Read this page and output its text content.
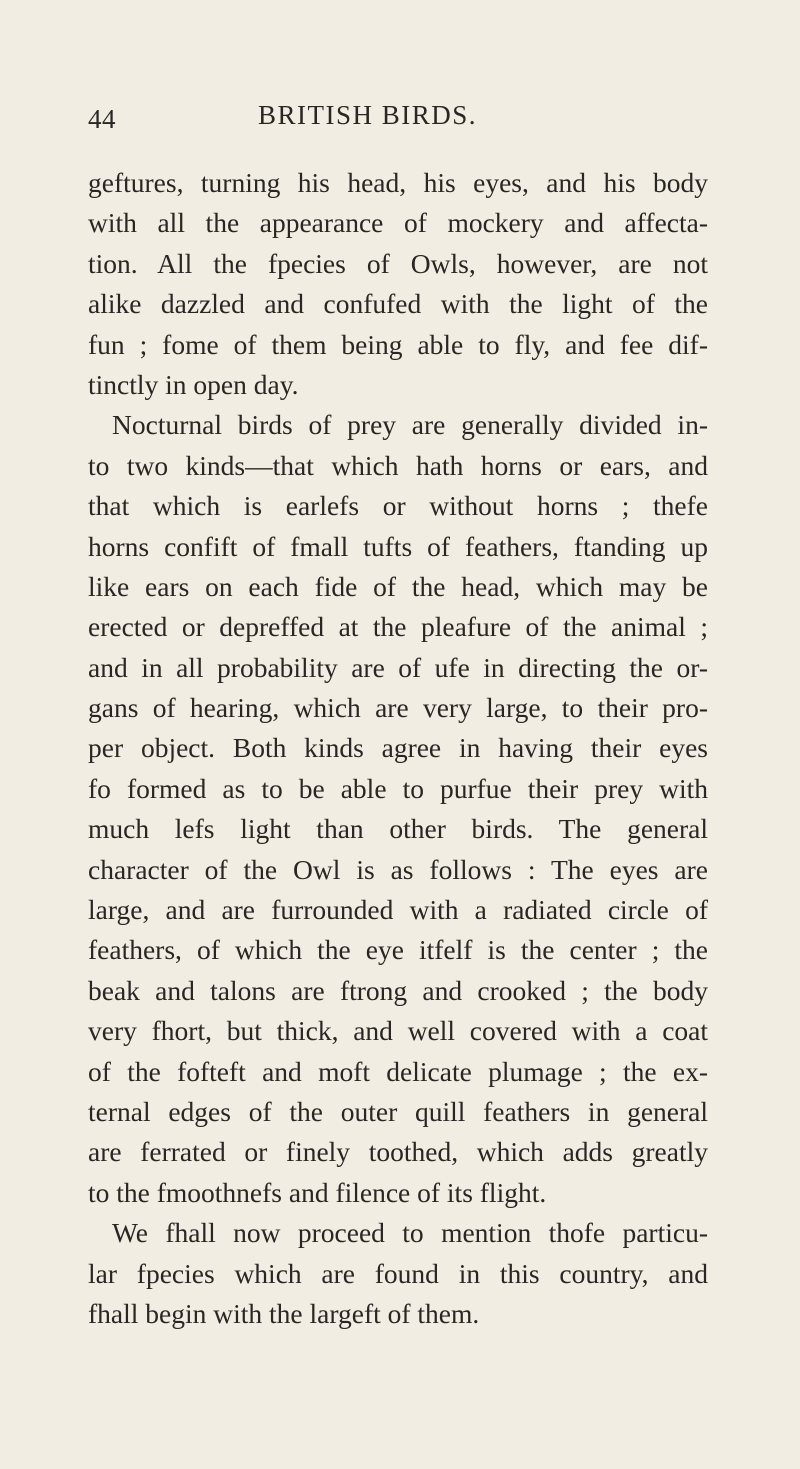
44	BRITISH BIRDS.
geftures, turning his head, his eyes, and his body
with all the appearance of mockery and affecta-
tion. All the fpecies of Owls, however, are not
alike dazzled and confufed with the light of the
fun ; fome of them being able to fly, and fee dif-
tinctly in open day.
Nocturnal birds of prey are generally divided in-
to two kinds—that which hath horns or ears, and
that which is earlefs or without horns ; thefe
horns confift of fmall tufts of feathers, ftanding up
like ears on each fide of the head, which may be
erected or depreffed at the pleafure of the animal ;
and in all probability are of ufe in directing the or-
gans of hearing, which are very large, to their pro-
per object. Both kinds agree in having their eyes
fo formed as to be able to purfue their prey with
much lefs light than other birds. The general
character of the Owl is as follows : The eyes are
large, and are furrounded with a radiated circle of
feathers, of which the eye itfelf is the center ; the
beak and talons are ftrong and crooked ; the body
very fhort, but thick, and well covered with a coat
of the fofteft and moft delicate plumage ; the ex-
ternal edges of the outer quill feathers in general
are ferrated or finely toothed, which adds greatly
to the fmoothnefs and filence of its flight.
We fhall now proceed to mention thofe particu-
lar fpecies which are found in this country, and
fhall begin with the largeft of them.
